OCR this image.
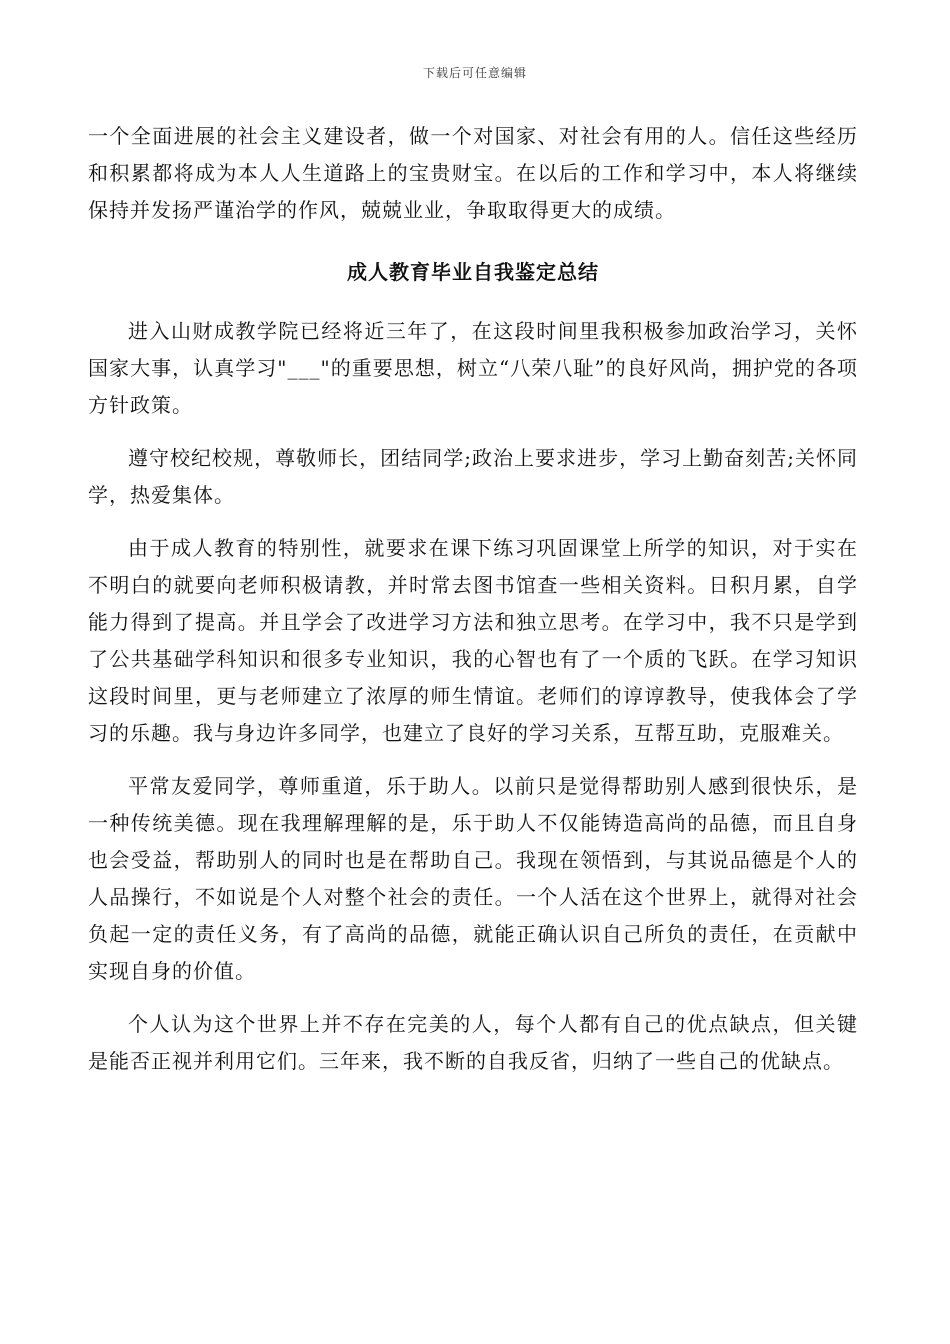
下载后可任意编辑

一个全面进展的社会主义建设者，做一个对国家、对社会有用的人。信任这些经历和积累都将成为本人人生道路上的宝贵财宝。在以后的工作和学习中，本人将继续保持并发扬严谨治学的作风，兢兢业业，争取取得更大的成绩。

成人教育毕业自我鉴定总结

进入山财成教学院已经将近三年了，在这段时间里我积极参加政治学习，关怀国家大事，认真学习"___"的重要思想，树立“八荣八耻”的良好风尚，拥护党的各项方针政策。

遵守校纪校规，尊敬师长，团结同学;政治上要求进步，学习上勤奋刻苦;关怀同学，热爱集体。

由于成人教育的特别性，就要求在课下练习巩固课堂上所学的知识，对于实在不明白的就要向老师积极请教，并时常去图书馆查一些相关资料。日积月累，自学能力得到了提高。并且学会了改进学习方法和独立思考。在学习中，我不只是学到了公共基础学科知识和很多专业知识，我的心智也有了一个质的飞跃。在学习知识这段时间里，更与老师建立了浓厚的师生情谊。老师们的谆谆教导，使我体会了学习的乐趣。我与身边许多同学，也建立了良好的学习关系，互帮互助，克服难关。

平常友爱同学，尊师重道，乐于助人。以前只是觉得帮助别人感到很快乐，是一种传统美德。现在我理解理解的是，乐于助人不仅能铸造高尚的品德，而且自身也会受益，帮助别人的同时也是在帮助自己。我现在领悟到，与其说品德是个人的人品操行，不如说是个人对整个社会的责任。一个人活在这个世界上，就得对社会负起一定的责任义务，有了高尚的品德，就能正确认识自己所负的责任，在贡献中实现自身的价值。

个人认为这个世界上并不存在完美的人，每个人都有自己的优点缺点，但关键是能否正视并利用它们。三年来，我不断的自我反省，归纳了一些自己的优缺点。
